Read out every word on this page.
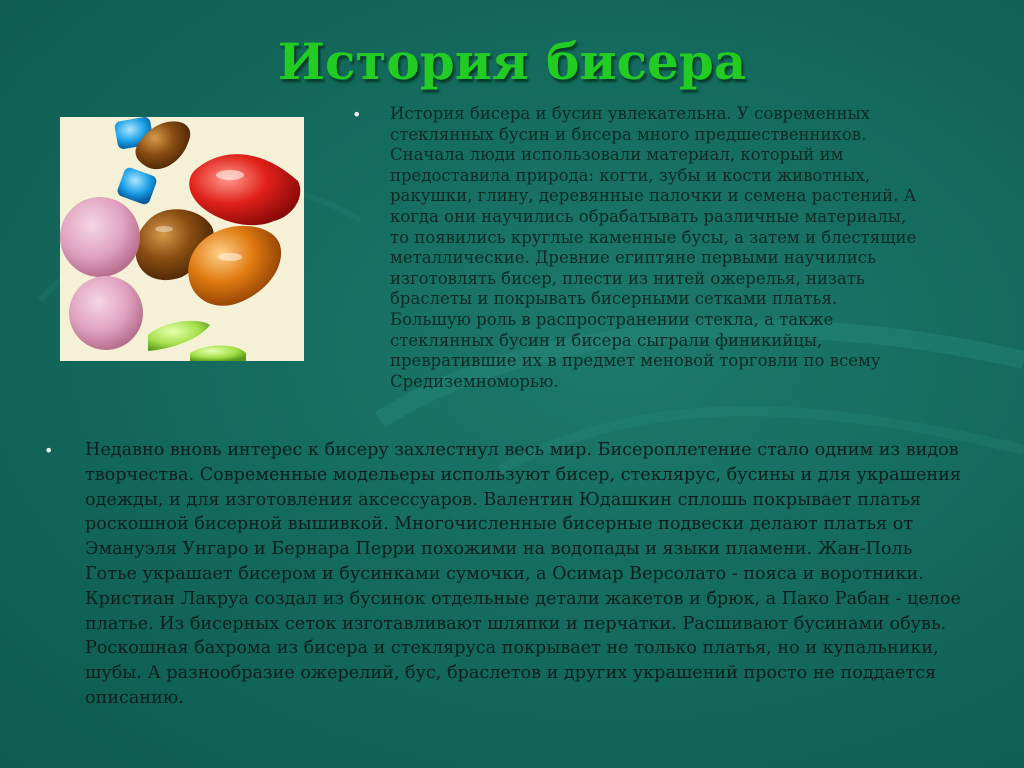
История бисера
• История бисера и бусин увлекательна. У современных
стеклянных бусин и бисера много предшественников.
Сначала люди использовали материал, который им
предоставила природа: когти, зубы и кости животных,
ракушки, глину, деревянные палочки и семена растений. А
когда они научились обрабатывать различные материалы,
то появились круглые каменные бусы, а затем и блестящие
металлические. Древние египтяне первыми научились
изготовлять бисер, плести из нитей ожерелья, низать
браслеты и покрывать бисерными сетками платья.
Большую роль в распространении стекла, а также
стеклянных бусин и бисера сыграли финикийцы,
превратившие их в предмет меновой торговли по всему
Средиземноморью.

• Недавно вновь интерес к бисеру захлестнул весь мир. Бисероплетение стало одним из видов
творчества. Современные модельеры используют бисер, стеклярус, бусины и для украшения
одежды, и для изготовления аксессуаров. Валентин Юдашкин сплошь покрывает платья
роскошной бисерной вышивкой. Многочисленные бисерные подвески делают платья от
Эмануэля Унгаро и Бернара Перри похожими на водопады и языки пламени. Жан-Поль
Готье украшает бисером и бусинками сумочки, а Осимар Версолато - пояса и воротники.
Кристиан Лакруа создал из бусинок отдельные детали жакетов и брюк, а Пако Рабан - целое
платье. Из бисерных сеток изготавливают шляпки и перчатки. Расшивают бусинами обувь.
Роскошная бахрома из бисера и стекляруса покрывает не только платья, но и купальники,
шубы. А разнообразие ожерелий, бус, браслетов и других украшений просто не поддается
описанию.
